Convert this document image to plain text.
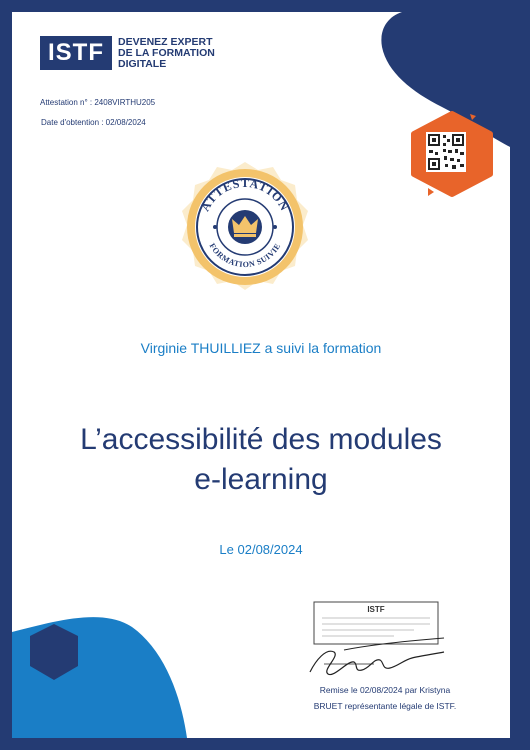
ISTF	DEVENEZ EXPERT
DE LA FORMATION
DIGITALE
Attestation n° : 2408VIRTHU205
Date d'obtention : 02/08/2024
ATTESTATION
FORMATION SUIVIE
Virginie THUILLIEZ a suivi la formation
L’accessibilité des modules
e-learning
Le 02/08/2024
ISTF
Remise le 02/08/2024 par Kristyna
BRUET représentante légale de ISTF.
